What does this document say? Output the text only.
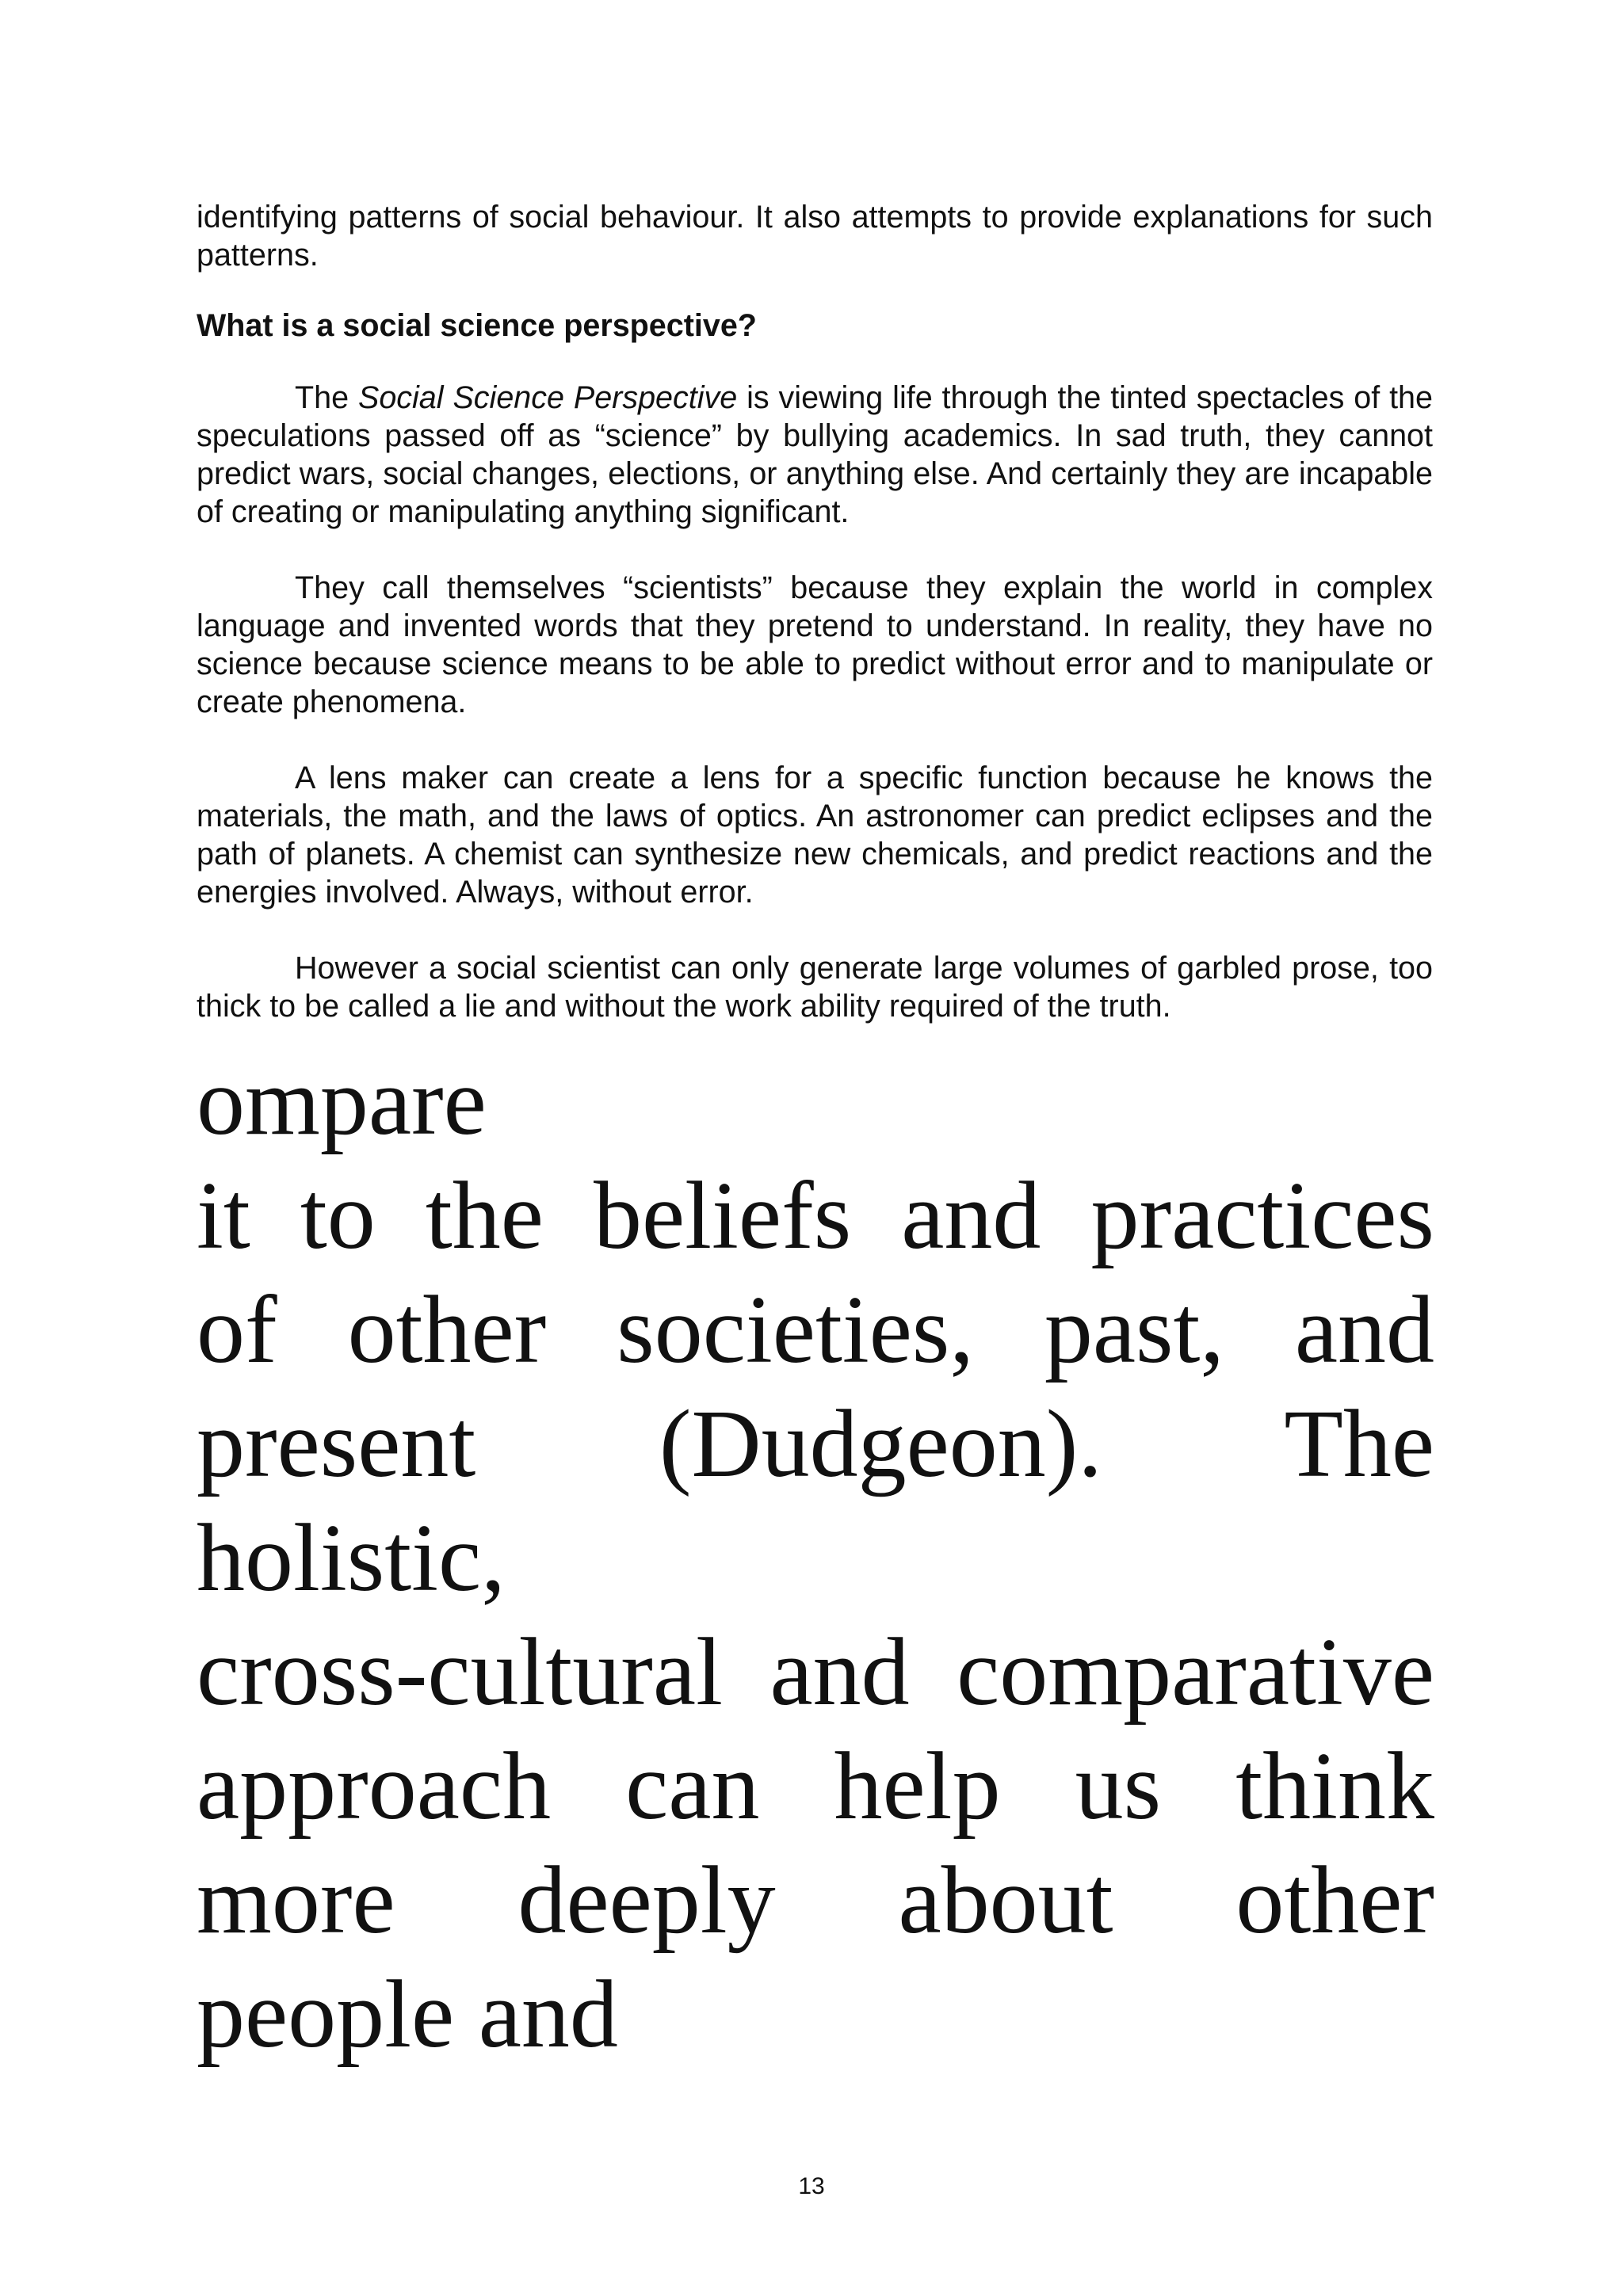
identifying patterns of social behaviour. It also attempts to provide explanations for such patterns.

What is a social science perspective?

The Social Science Perspective is viewing life through the tinted spectacles of the speculations passed off as “science” by bullying academics. In sad truth, they cannot predict wars, social changes, elections, or anything else. And certainly they are incapable of creating or manipulating anything significant.

They call themselves “scientists” because they explain the world in complex language and invented words that they pretend to understand. In reality, they have no science because science means to be able to predict without error and to manipulate or create phenomena.

A lens maker can create a lens for a specific function because he knows the materials, the math, and the laws of optics. An astronomer can predict eclipses and the path of planets. A chemist can synthesize new chemicals, and predict reactions and the energies involved. Always, without error.

However a social scientist can only generate large volumes of garbled prose, too thick to be called a lie and without the work ability required of the truth.

ompare
it to the beliefs and practices
of other societies, past, and
present (Dudgeon). The
holistic,
cross-cultural and comparative
approach can help us think
more deeply about other
people and

13
